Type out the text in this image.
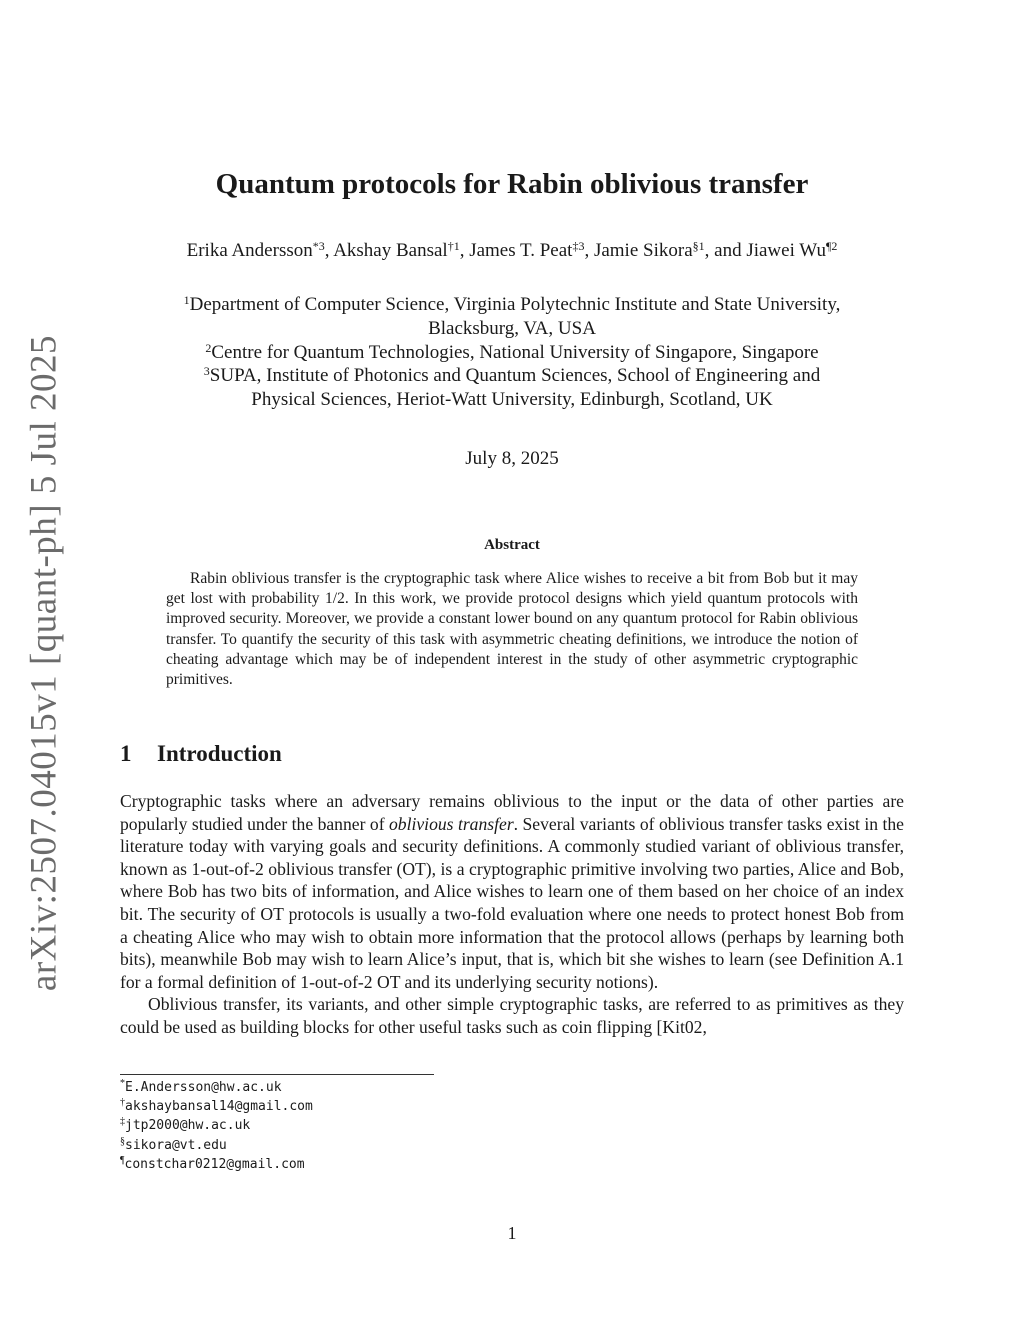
arXiv:2507.04015v1 [quant-ph] 5 Jul 2025
Quantum protocols for Rabin oblivious transfer
Erika Andersson$^{*3}$, Akshay Bansal$^{\dagger 1}$, James T. Peat$^{\ddagger 3}$, Jamie Sikora$^{\S 1}$, and Jiawei Wu$^{\P 2}$
$^1$Department of Computer Science, Virginia Polytechnic Institute and State University,
Blacksburg, VA, USA
$^2$Centre for Quantum Technologies, National University of Singapore, Singapore
$^3$SUPA, Institute of Photonics and Quantum Sciences, School of Engineering and
Physical Sciences, Heriot-Watt University, Edinburgh, Scotland, UK
July 8, 2025
Abstract

Rabin oblivious transfer is the cryptographic task where Alice wishes to receive a bit from Bob but it may get lost with probability 1/2. In this work, we provide protocol designs which yield quantum protocols with improved security. Moreover, we provide a constant lower bound on any quantum protocol for Rabin oblivious transfer. To quantify the security of this task with asymmetric cheating definitions, we introduce the notion of cheating advantage which may be of independent interest in the study of other asymmetric cryptographic primitives.

1 Introduction

Cryptographic tasks where an adversary remains oblivious to the input or the data of other parties are popularly studied under the banner of oblivious transfer. Several variants of oblivious transfer tasks exist in the literature today with varying goals and security definitions. A commonly studied variant of oblivious transfer, known as 1-out-of-2 oblivious transfer (OT), is a cryptographic primitive involving two parties, Alice and Bob, where Bob has two bits of information, and Alice wishes to learn one of them based on her choice of an index bit. The security of OT protocols is usually a two-fold evaluation where one needs to protect honest Bob from a cheating Alice who may wish to obtain more information that the protocol allows (perhaps by learning both bits), meanwhile Bob may wish to learn Alice’s input, that is, which bit she wishes to learn (see Definition A.1 for a formal definition of 1-out-of-2 OT and its underlying security notions).

Oblivious transfer, its variants, and other simple cryptographic tasks, are referred to as primitives as they could be used as building blocks for other useful tasks such as coin flipping [Kit02,

*E.Andersson@hw.ac.uk
†akshaybansal14@gmail.com
‡jtp2000@hw.ac.uk
§sikora@vt.edu
¶constchar0212@gmail.com
1
